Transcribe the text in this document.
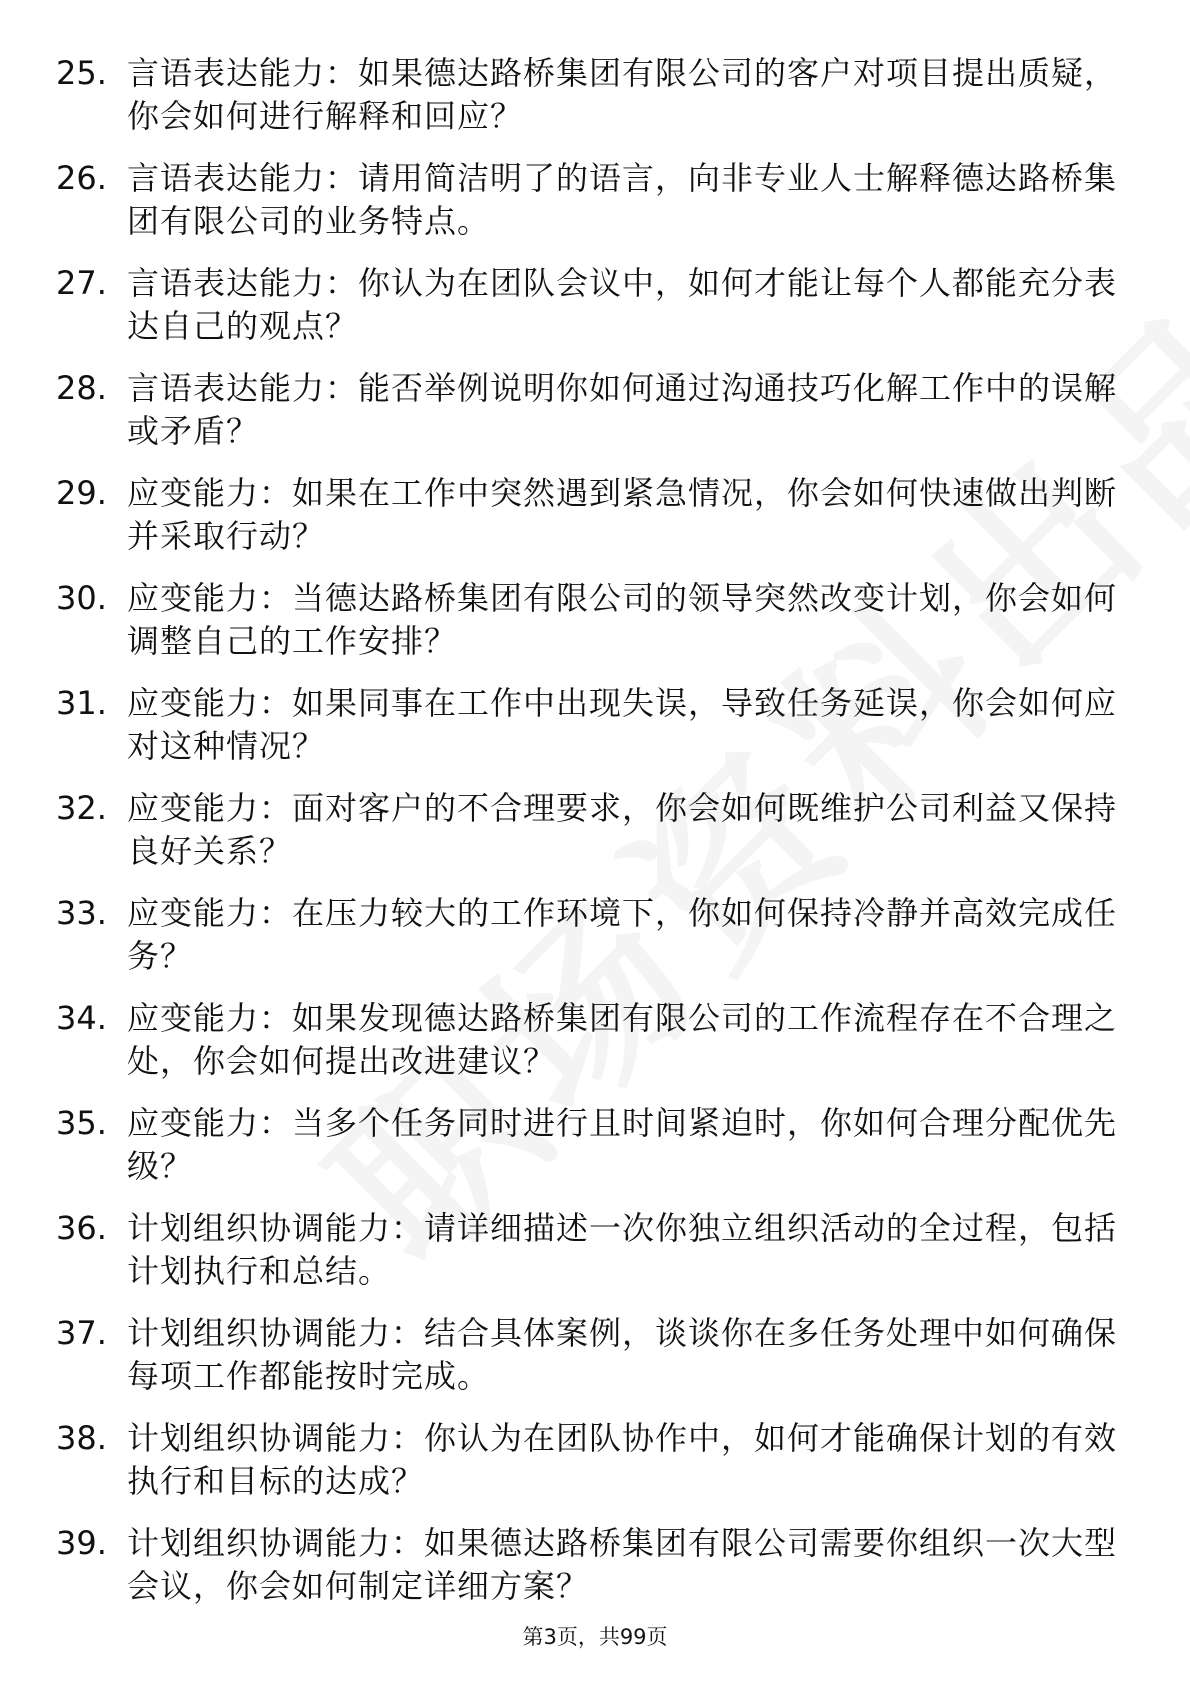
25. 言语表达能力：如果德达路桥集团有限公司的客户对项目提出质疑，你会如何进行解释和回应？
26. 言语表达能力：请用简洁明了的语言，向非专业人士解释德达路桥集团有限公司的业务特点。
27. 言语表达能力：你认为在团队会议中，如何才能让每个人都能充分表达自己的观点？
28. 言语表达能力：能否举例说明你如何通过沟通技巧化解工作中的误解或矛盾？
29. 应变能力：如果在工作中突然遇到紧急情况，你会如何快速做出判断并采取行动？
30. 应变能力：当德达路桥集团有限公司的领导突然改变计划，你会如何调整自己的工作安排？
31. 应变能力：如果同事在工作中出现失误，导致任务延误，你会如何应对这种情况？
32. 应变能力：面对客户的不合理要求，你会如何既维护公司利益又保持良好关系？
33. 应变能力：在压力较大的工作环境下，你如何保持冷静并高效完成任务？
34. 应变能力：如果发现德达路桥集团有限公司的工作流程存在不合理之处，你会如何提出改进建议？
35. 应变能力：当多个任务同时进行且时间紧迫时，你如何合理分配优先级？
36. 计划组织协调能力：请详细描述一次你独立组织活动的全过程，包括计划执行和总结。
37. 计划组织协调能力：结合具体案例，谈谈你在多任务处理中如何确保每项工作都能按时完成。
38. 计划组织协调能力：你认为在团队协作中，如何才能确保计划的有效执行和目标的达成？
39. 计划组织协调能力：如果德达路桥集团有限公司需要你组织一次大型会议，你会如何制定详细方案？
第3页，共99页
